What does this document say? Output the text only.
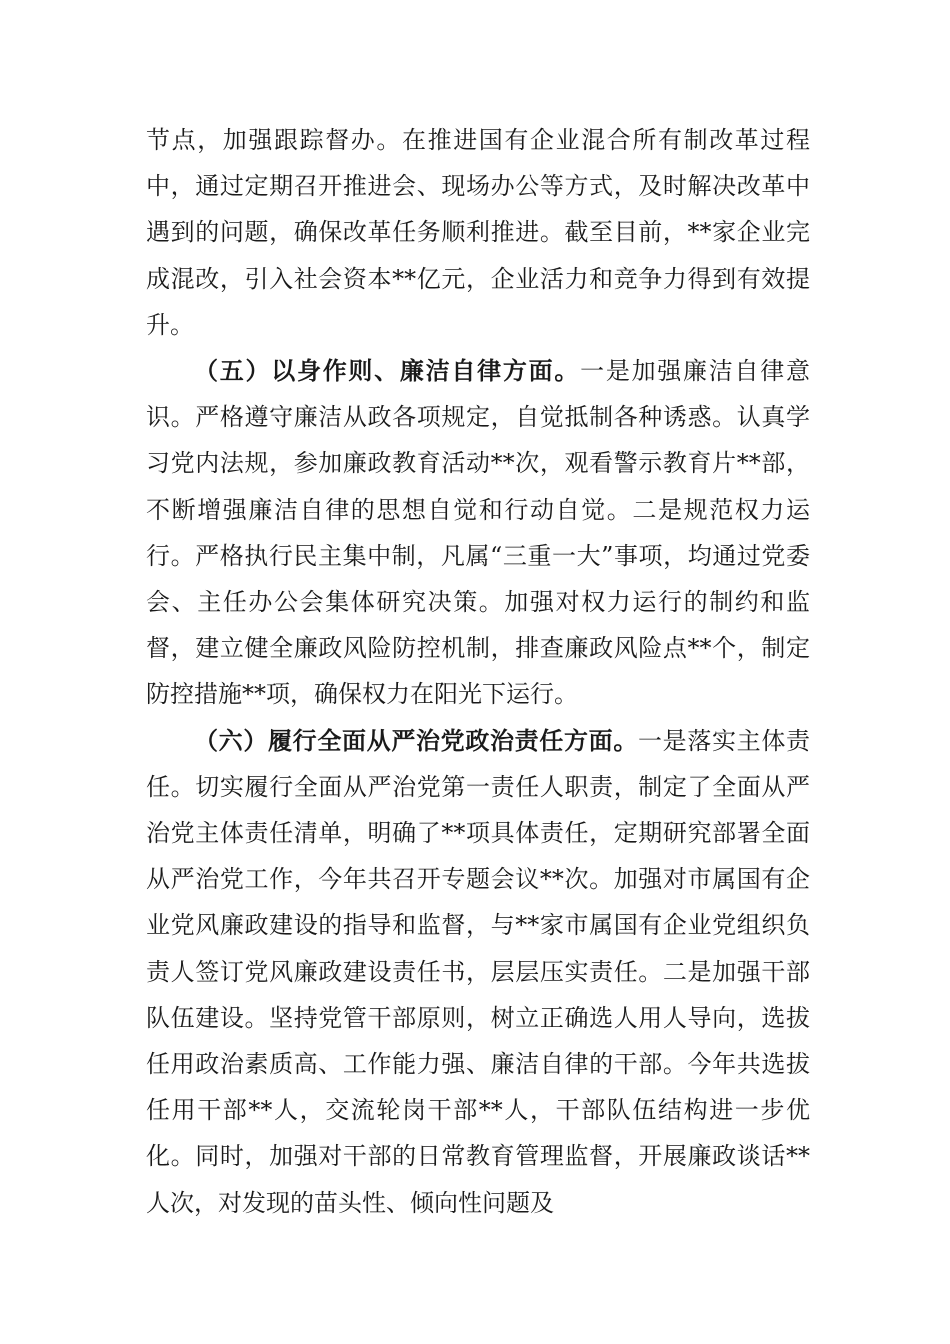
节点，加强跟踪督办。在推进国有企业混合所有制改革过程中，通过定期召开推进会、现场办公等方式，及时解决改革中遇到的问题，确保改革任务顺利推进。截至目前，**家企业完成混改，引入社会资本**亿元，企业活力和竞争力得到有效提升。

（五）以身作则、廉洁自律方面。一是加强廉洁自律意识。严格遵守廉洁从政各项规定，自觉抵制各种诱惑。认真学习党内法规，参加廉政教育活动**次，观看警示教育片**部，不断增强廉洁自律的思想自觉和行动自觉。二是规范权力运行。严格执行民主集中制，凡属“三重一大”事项，均通过党委会、主任办公会集体研究决策。加强对权力运行的制约和监督，建立健全廉政风险防控机制，排查廉政风险点**个，制定防控措施**项，确保权力在阳光下运行。

（六）履行全面从严治党政治责任方面。一是落实主体责任。切实履行全面从严治党第一责任人职责，制定了全面从严治党主体责任清单，明确了**项具体责任，定期研究部署全面从严治党工作，今年共召开专题会议**次。加强对市属国有企业党风廉政建设的指导和监督，与**家市属国有企业党组织负责人签订党风廉政建设责任书，层层压实责任。二是加强干部队伍建设。坚持党管干部原则，树立正确选人用人导向，选拔任用政治素质高、工作能力强、廉洁自律的干部。今年共选拔任用干部**人，交流轮岗干部**人，干部队伍结构进一步优化。同时，加强对干部的日常教育管理监督，开展廉政谈话**人次，对发现的苗头性、倾向性问题及
